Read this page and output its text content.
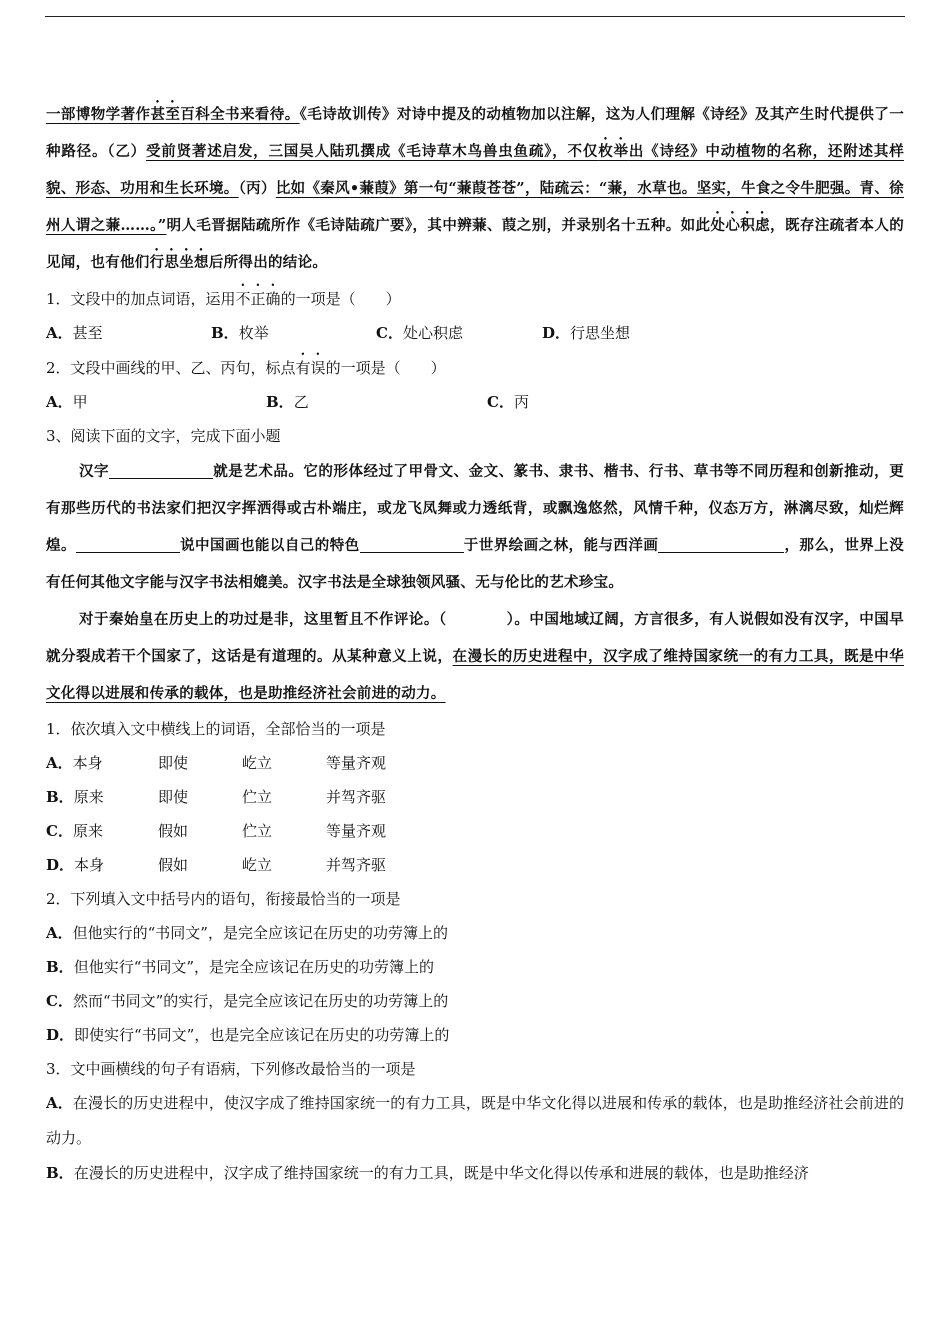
一部博物学著作甚至百科全书来看待。《毛诗故训传》对诗中提及的动植物加以注解，这为人们理解《诗经》及其产生时代提供了一种路径。（乙）受前贤著述启发，三国吴人陆玑撰成《毛诗草木鸟兽虫鱼疏》，不仅枚举出《诗经》中动植物的名称，还附述其样貌、形态、功用和生长环境。（丙）比如《秦风•蒹葭》第一句“蒹葭苍苍”，陆疏云：“蒹，水草也。坚实，牛食之令牛肥强。青、徐州人谓之蒹……。”明人毛晋据陆疏所作《毛诗陆疏广要》，其中辨蒹、葭之别，并录别名十五种。如此处心积虑，既存注疏者本人的见闻，也有他们行思坐想后所得出的结论。

1．文段中的加点词语，运用不正确的一项是（　　）

A．甚至	B．枚举	C．处心积虑	D．行思坐想

2．文段中画线的甲、乙、丙句，标点有误的一项是（　　）

A．甲	B．乙	C．丙

3、阅读下面的文字，完成下面小题

汉字	就是艺术品。它的形体经过了甲骨文、金文、篆书、隶书、楷书、行书、草书等不同历程和创新推动，更有那些历代的书法家们把汉字挥洒得或古朴端庄，或龙飞凤舞或力透纸背，或飘逸悠然，风情千种，仪态万方，淋漓尽致，灿烂辉煌。	说中国画也能以自己的特色	于世界绘画之林，能与西洋画	，那么，世界上没有任何其他文字能与汉字书法相媲美。汉字书法是全球独领风骚、无与伦比的艺术珍宝。

对于秦始皇在历史上的功过是非，这里暂且不作评论。（　　　　）。中国地域辽阔，方言很多，有人说假如没有汉字，中国早就分裂成若干个国家了，这话是有道理的。从某种意义上说，在漫长的历史进程中，汉字成了维持国家统一的有力工具，既是中华文化得以进展和传承的载体，也是助推经济社会前进的动力。

1．依次填入文中横线上的词语，全部恰当的一项是

A．本身	即使	屹立	等量齐观

B．原来	即使	伫立	并驾齐驱

C．原来	假如	伫立	等量齐观

D．本身	假如	屹立	并驾齐驱

2．下列填入文中括号内的语句，衔接最恰当的一项是

A．但他实行的“书同文”，是完全应该记在历史的功劳簿上的

B．但他实行“书同文”，是完全应该记在历史的功劳簿上的

C．然而“书同文”的实行，是完全应该记在历史的功劳簿上的

D．即使实行“书同文”，也是完全应该记在历史的功劳簿上的

3．文中画横线的句子有语病，下列修改最恰当的一项是

A．在漫长的历史进程中，使汉字成了维持国家统一的有力工具，既是中华文化得以进展和传承的载体，也是助推经济社会前进的动力。

B．在漫长的历史进程中，汉字成了维持国家统一的有力工具，既是中华文化得以传承和进展的载体，也是助推经济
